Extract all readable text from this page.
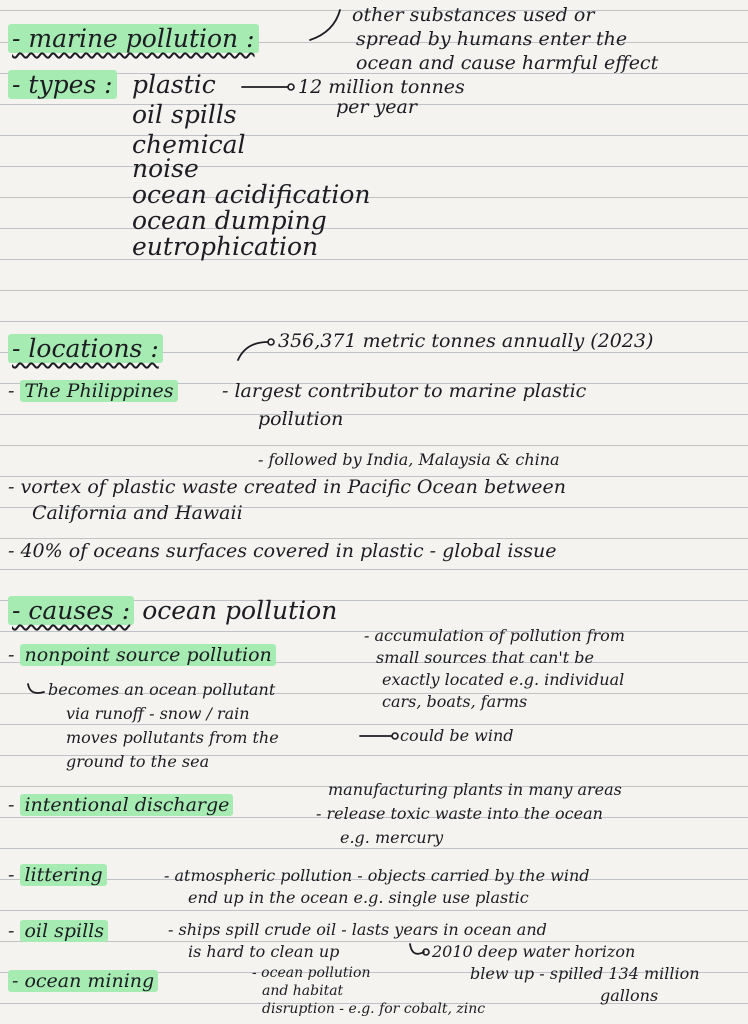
- marine pollution :
other substances used or
spread by humans enter the
ocean and cause harmful effect
- types : plastic	12 million tonnes
per year
oil spills
chemical
noise
ocean acidification
ocean dumping
eutrophication
- locations :	356,371 metric tonnes annually (2023)
- The Philippines	- largest contributor to marine plastic
pollution
- followed by India, Malaysia & china
- vortex of plastic waste created in Pacific Ocean between
California and Hawaii
- 40% of oceans surfaces covered in plastic - global issue
- causes : ocean pollution
- nonpoint source pollution
- accumulation of pollution from
small sources that can't be
exactly located e.g. individual
cars, boats, farms
becomes an ocean pollutant
via runoff - snow / rain
moves pollutants from the
ground to the sea
could be wind
manufacturing plants in many areas
- intentional discharge	- release toxic waste into the ocean
e.g. mercury
- littering	- atmospheric pollution - objects carried by the wind
end up in the ocean e.g. single use plastic
- oil spills	- ships spill crude oil - lasts years in ocean and
is hard to clean up	2010 deep water horizon
blew up - spilled 134 million
gallons
- ocean mining	- ocean pollution
and habitat
disruption - e.g. for cobalt, zinc
